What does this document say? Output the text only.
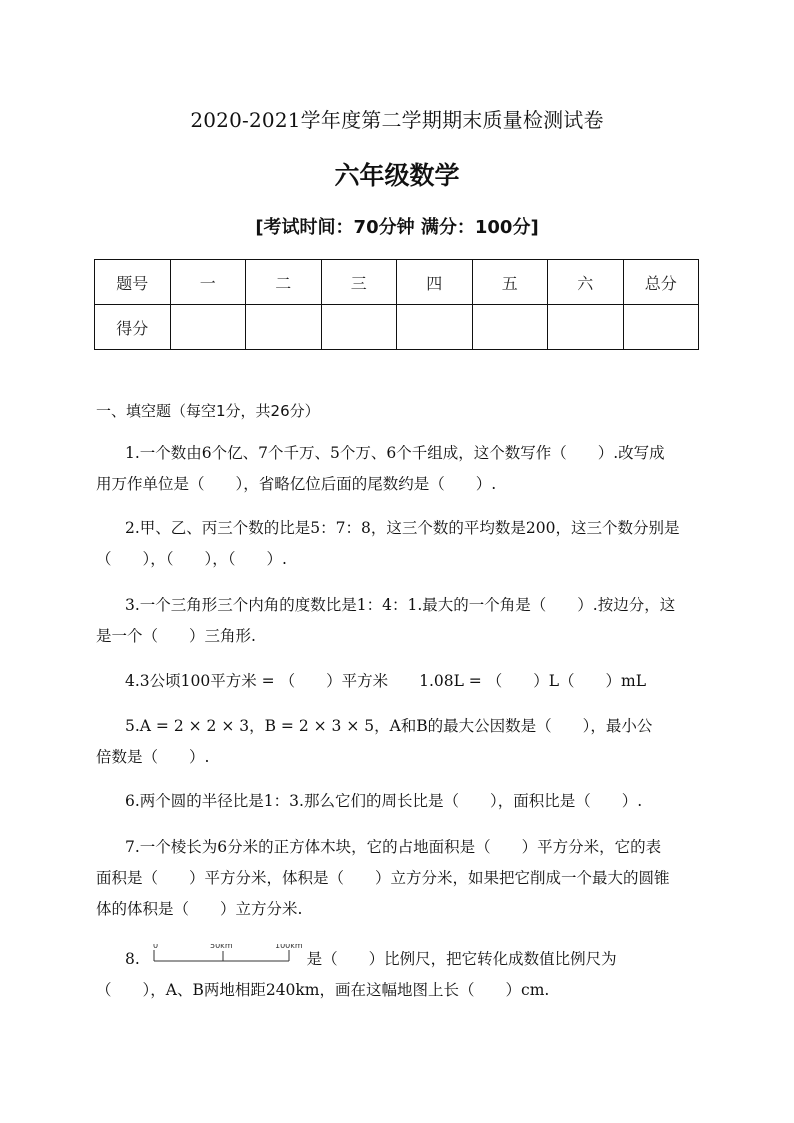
2020-2021学年度第二学期期末质量检测试卷
六年级数学
[考试时间：70分钟 满分：100分]
题号	一	二	三	四	五	六	总分
得分							
一、填空题（每空1分，共26分）
1.一个数由6个亿、7个千万、5个万、6个千组成，这个数写作（　　）.改写成
用万作单位是（　　），省略亿位后面的尾数约是（　　）.
2.甲、乙、丙三个数的比是5：7：8，这三个数的平均数是200，这三个数分别是
（　　），（　　），（　　）.
3.一个三角形三个内角的度数比是1：4：1.最大的一个角是（　　）.按边分，这
是一个（　　）三角形.
4.3公顷100平方米 = （　　）平方米　　1.08L = （　　）L（　　）mL
5.A = 2 × 2 × 3，B = 2 × 3 × 5，A和B的最大公因数是（　　），最小公
倍数是（　　）.
6.两个圆的半径比是1：3.那么它们的周长比是（　　），面积比是（　　）.
7.一个棱长为6分米的正方体木块，它的占地面积是（　　）平方分米，它的表
面积是（　　）平方分米，体积是（　　）立方分米，如果把它削成一个最大的圆锥
体的体积是（　　）立方分米.
8.
0	50km	100km
是（　　）比例尺，把它转化成数值比例尺为
（　　），A、B两地相距240km，画在这幅地图上长（　　）cm.
